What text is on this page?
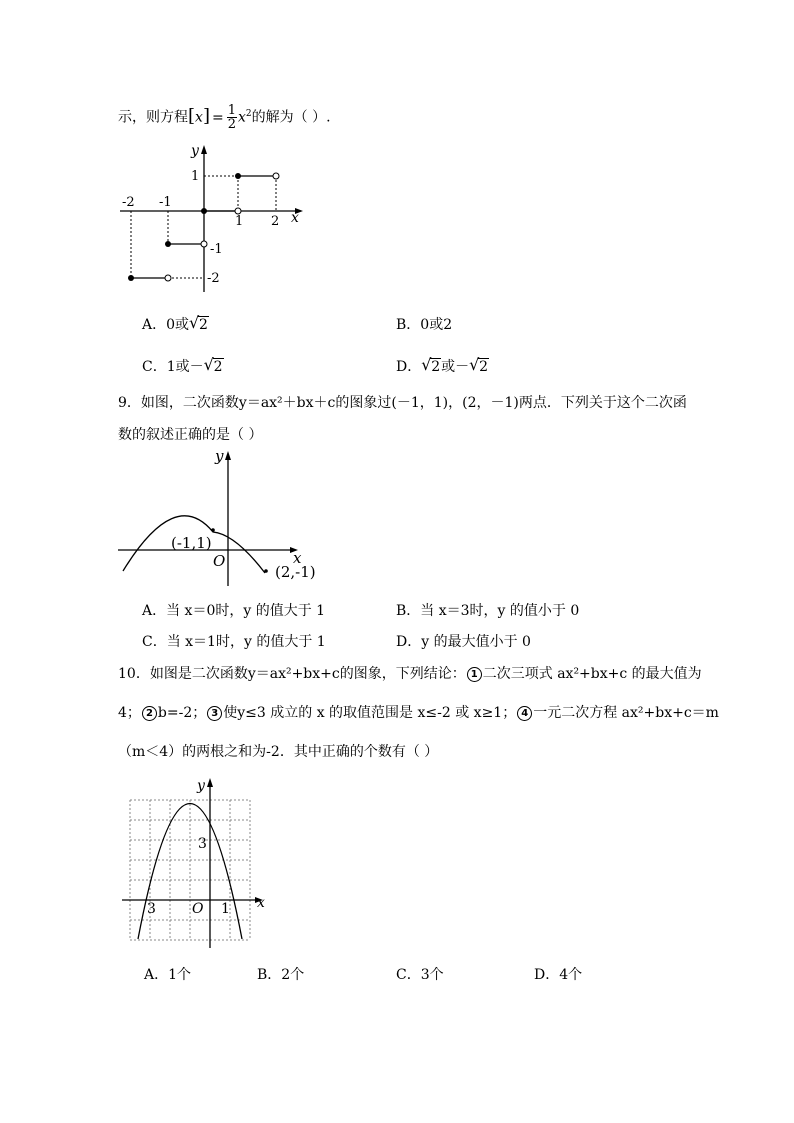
示，则方程$[x] = \frac{1}{2} x^2$的解为（ ）.
x
y
-2 -1
1 2
1
-1
-2
A．0或 √ 2	B．0或2
C．1或－ √ 2	D． √ 2或－ √ 2
9．如图，二次函数y＝ax²＋bx＋c的图象过(－1，1)，(2，－1)两点．下列关于这个二次函
数的叙述正确的是（ ）
x
y
O
(-1,1)
(2,-1)
A．当 x＝0时，y 的值大于 1	B．当 x＝3时，y 的值小于 0
C．当 x＝1时，y 的值大于 1	D．y 的最大值小于 0
10．如图是二次函数y＝ax²+bx+c的图象，下列结论： 1 二次三项式 ax²+bx+c 的最大值为
4； 2 b=-2； 3 使y≤3 成立的 x 的取值范围是 x≤-2 或 x≥1； 4 一元二次方程 ax²+bx+c＝m
（m＜4）的两根之和为-2．其中正确的个数有（ ）
x
y
O
3
3	1
A．1个	B．2个	C．3个	D．4个
